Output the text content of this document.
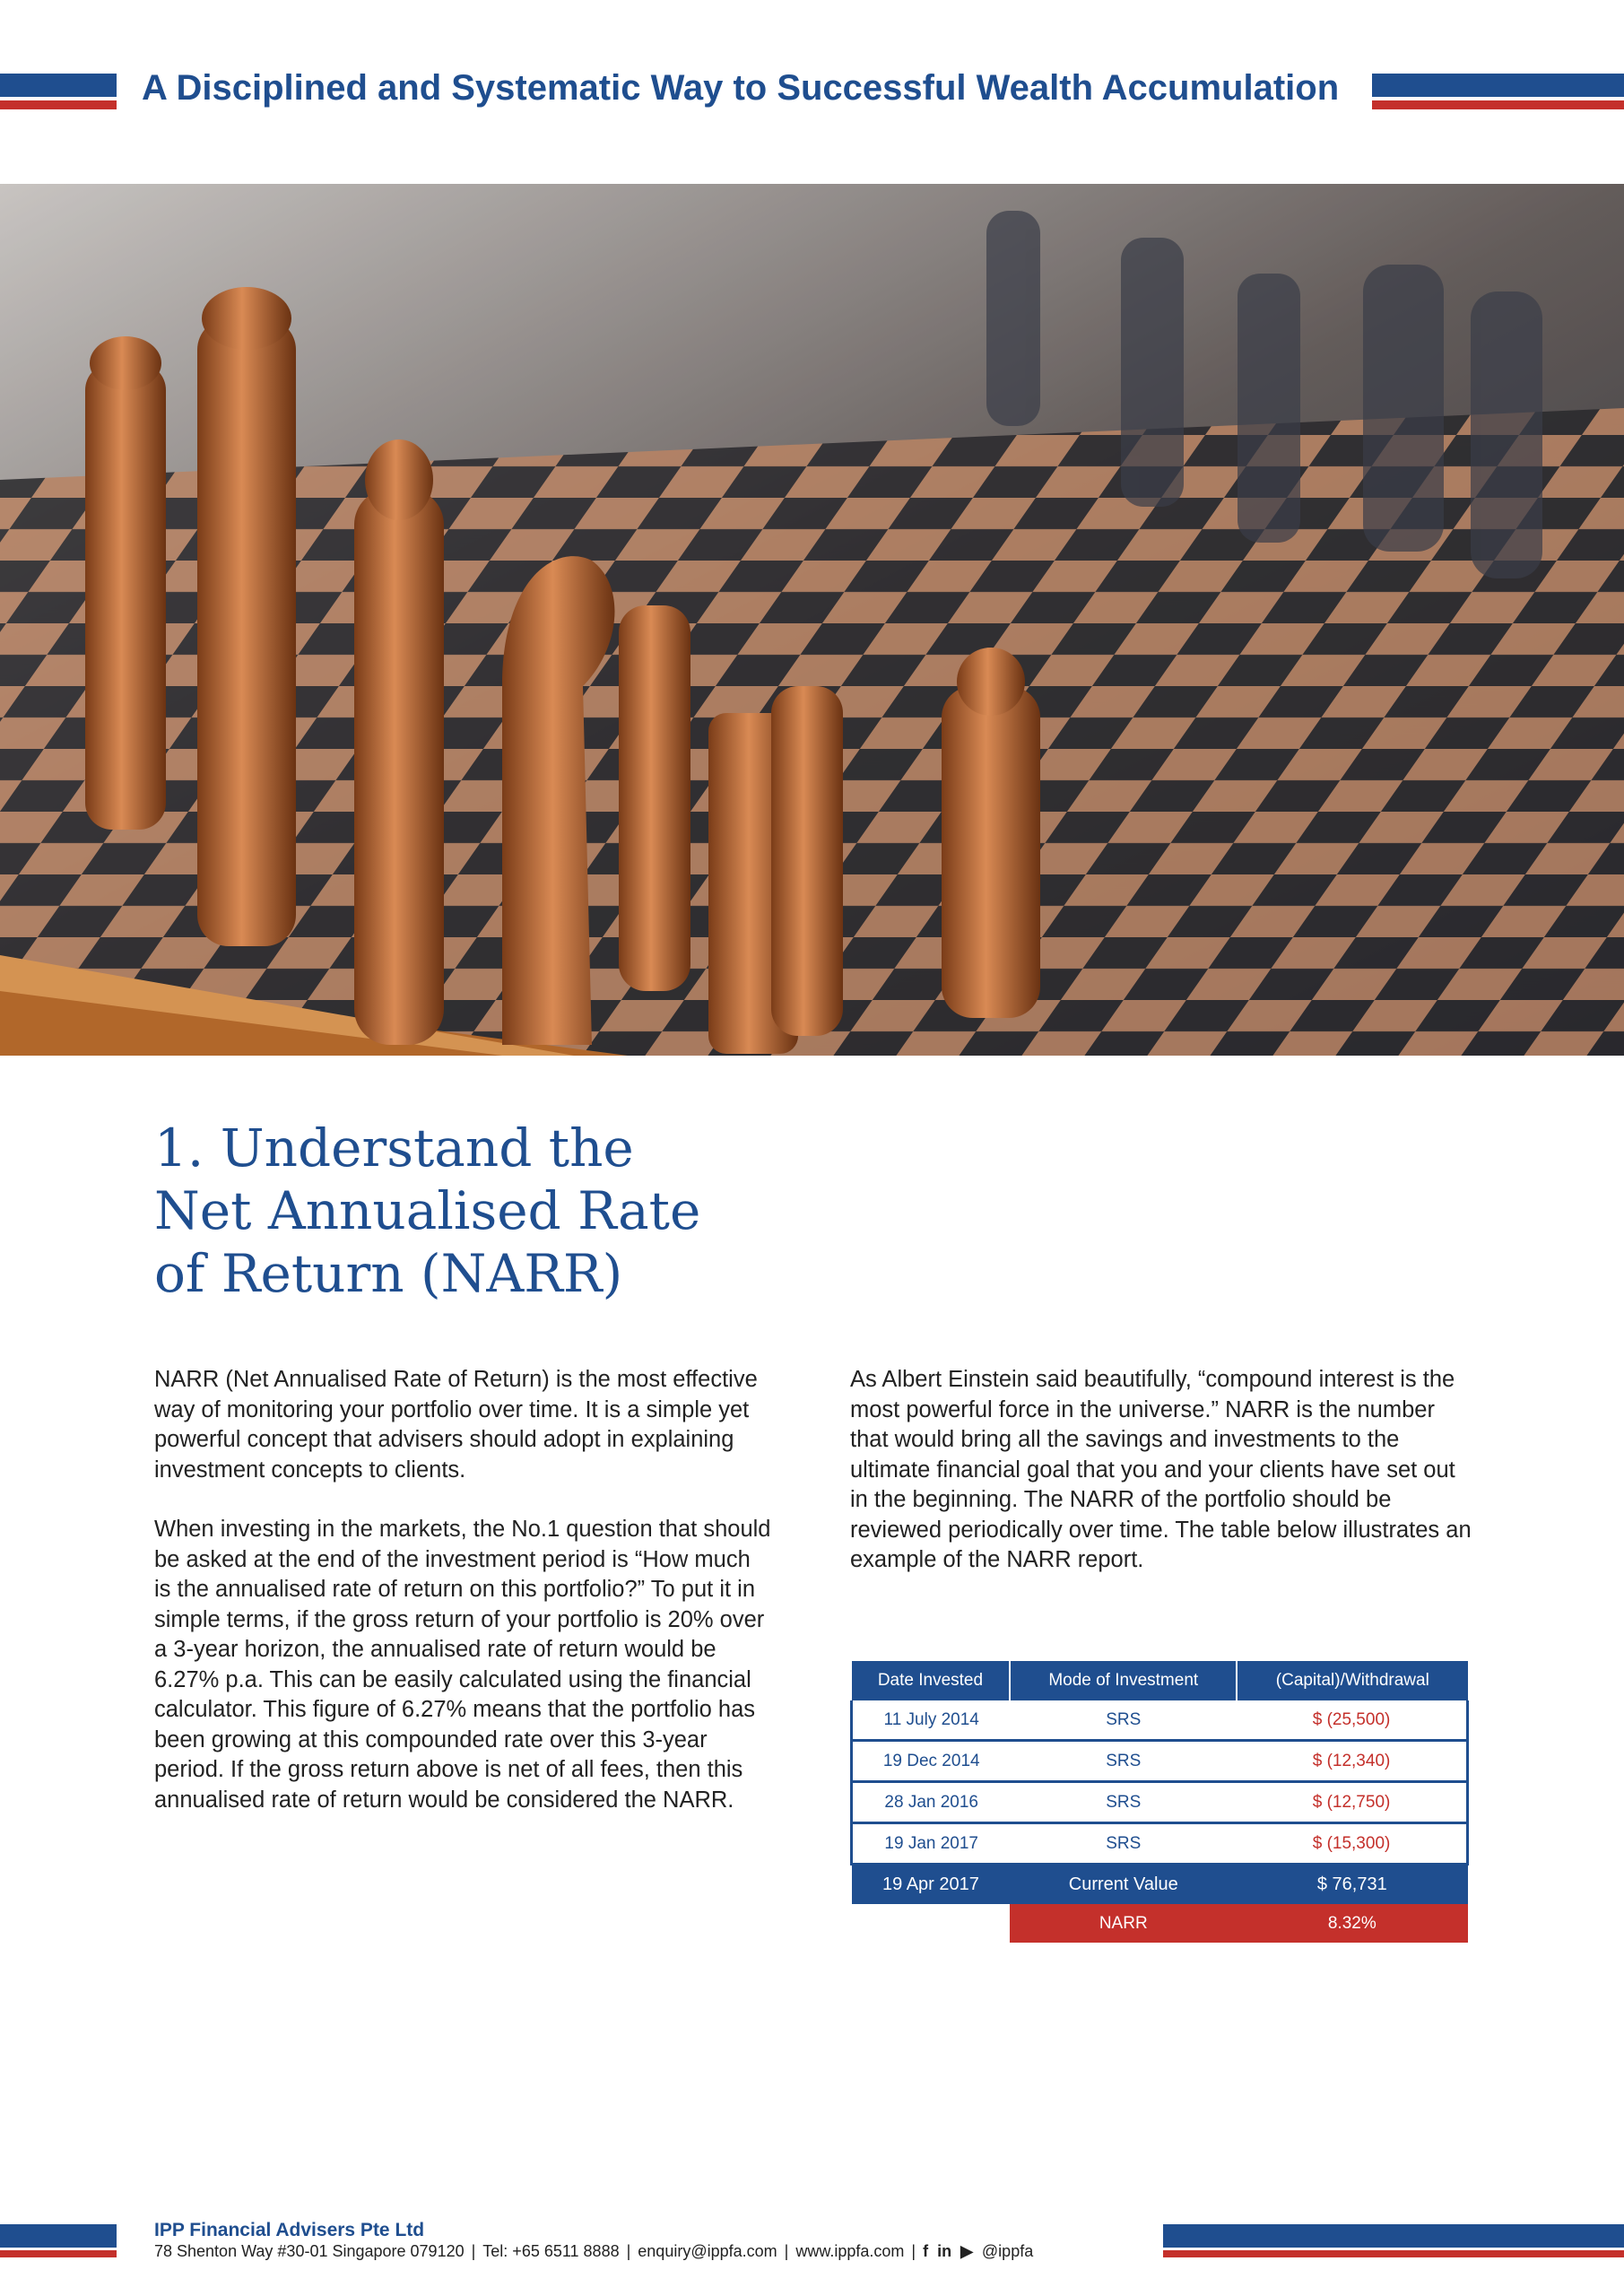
A Disciplined and Systematic Way to Successful Wealth Accumulation
1. Understand the
Net Annualised Rate
of Return (NARR)

NARR (Net Annualised Rate of Return) is the most effective way of monitoring your portfolio over time. It is a simple yet powerful concept that advisers should adopt in explaining investment concepts to clients.

When investing in the markets, the No.1 question that should be asked at the end of the investment period is “How much is the annualised rate of return on this portfolio?” To put it in simple terms, if the gross return of your portfolio is 20% over a 3-year horizon, the annualised rate of return would be 6.27% p.a. This can be easily calculated using the financial calculator. This figure of 6.27% means that the portfolio has been growing at this compounded rate over this 3-year period. If the gross return above is net of all fees, then this annualised rate of return would be considered the NARR.

As Albert Einstein said beautifully, “compound interest is the most powerful force in the universe.” NARR is the number that would bring all the savings and investments to the ultimate financial goal that you and your clients have set out in the beginning. The NARR of the portfolio should be reviewed periodically over time. The table below illustrates an example of the NARR report.

Date Invested	Mode of Investment	(Capital)/Withdrawal
11 July 2014	SRS	$ (25,500)
19 Dec 2014	SRS	$ (12,340)
28 Jan 2016	SRS	$ (12,750)
19 Jan 2017	SRS	$ (15,300)
19 Apr 2017	Current Value	$ 76,731
	NARR	8.32%
IPP Financial Advisers Pte Ltd
78 Shenton Way #30-01 Singapore 079120 | Tel: +65 6511 8888 | enquiry@ippfa.com | www.ippfa.com | f in ▶ @ippfa
